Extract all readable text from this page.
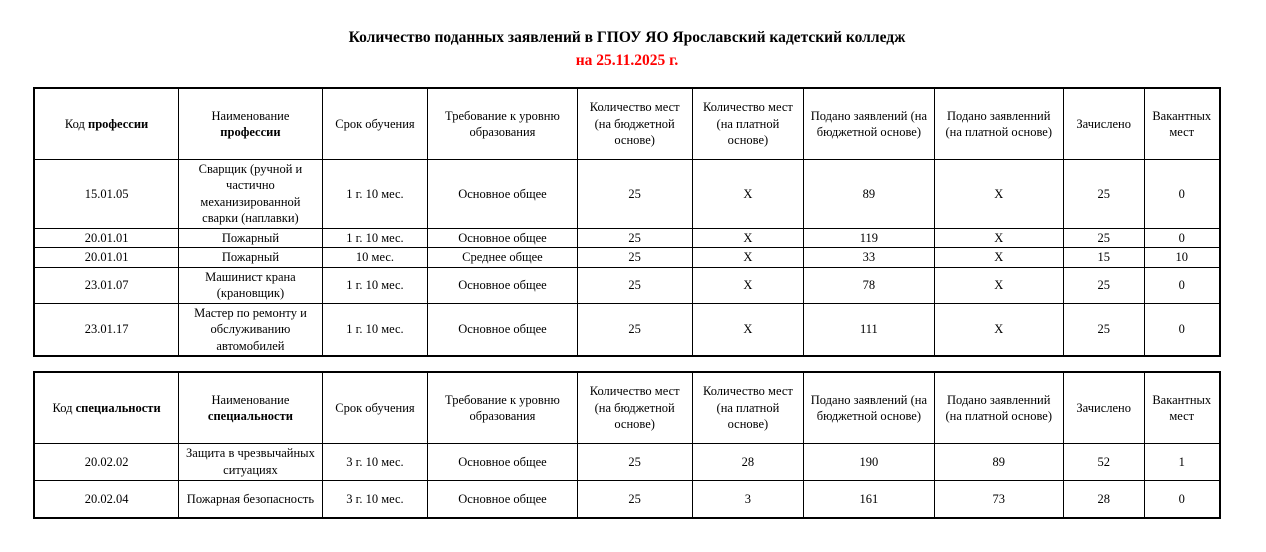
Количество поданных заявлений в ГПОУ ЯО Ярославский кадетский колледж
на 25.11.2025 г.
Код профессии	Наименование профессии	Срок обучения	Требование к уровню образования	Количество мест (на бюджетной основе)	Количество мест (на платной основе)	Подано заявлений (на бюджетной основе)	Подано заявленний (на платной основе)	Зачислено	Вакантных мест
15.01.05	Сварщик (ручной и частично механизированной сварки (наплавки)	1 г. 10 мес.	Основное общее	25	X	89	X	25	0
20.01.01	Пожарный	1 г. 10 мес.	Основное общее	25	X	119	X	25	0
20.01.01	Пожарный	10 мес.	Среднее общее	25	X	33	X	15	10
23.01.07	Машинист крана (крановщик)	1 г. 10 мес.	Основное общее	25	X	78	X	25	0
23.01.17	Мастер по ремонту и обслуживанию автомобилей	1 г. 10 мес.	Основное общее	25	X	111	X	25	0
Код специальности	Наименование специальности	Срок обучения	Требование к уровню образования	Количество мест (на бюджетной основе)	Количество мест (на платной основе)	Подано заявлений (на бюджетной основе)	Подано заявленний (на платной основе)	Зачислено	Вакантных мест
20.02.02	Защита в чрезвычайных ситуациях	3 г. 10 мес.	Основное общее	25	28	190	89	52	1
20.02.04	Пожарная безопасность	3 г. 10 мес.	Основное общее	25	3	161	73	28	0
